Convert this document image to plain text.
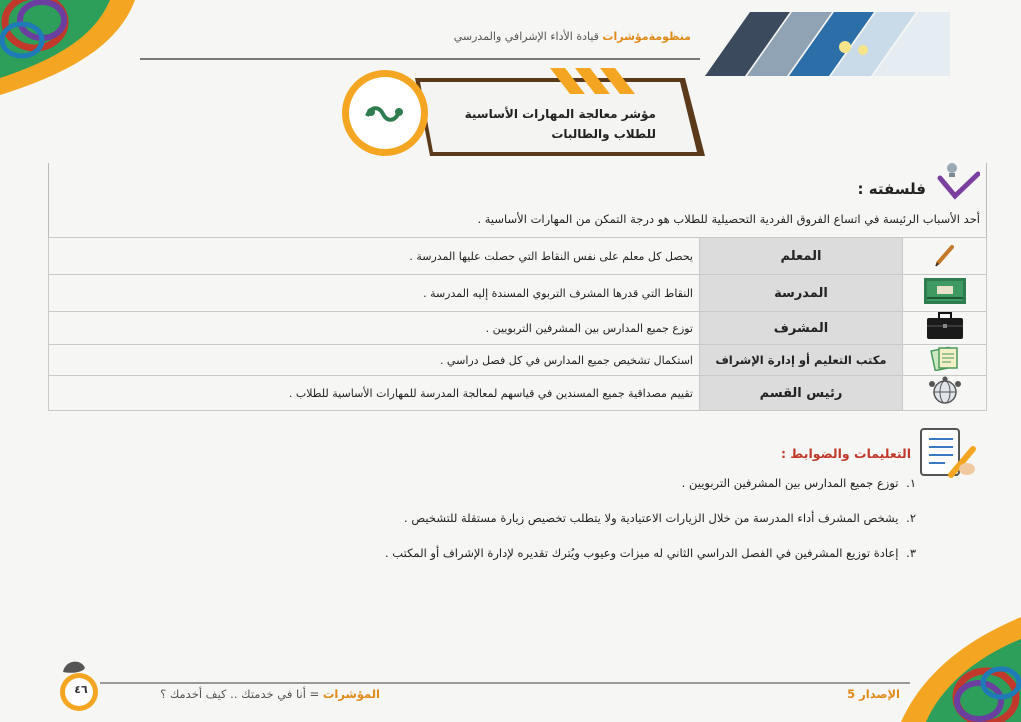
منظومةمؤشرات قيادة الأداء الإشرافي والمدرسي
مؤشر معالجة المهارات الأساسية للطلاب والطالبات
فلسفته :
أحد الأسباب الرئيسة في اتساع الفروق الفردية التحصيلية للطلاب هو درجة التمكن من المهارات الأساسية .
	المعلم	يحصل كل معلم على نفس النقاط التي حصلت عليها المدرسة .
	المدرسة	النقاط التي قدرها المشرف التربوي المسندة إليه المدرسة .
	المشرف	توزع جميع المدارس بين المشرفين التربويين .
	مكتب التعليم أو إدارة الإشراف	استكمال تشخيص جميع المدارس في كل فصل دراسي .
	رئيس القسم	تقييم مصداقية جميع المسندين في قياسهم لمعالجة المدرسة للمهارات الأساسية للطلاب .
التعليمات والضوابط :
١. توزع جميع المدارس بين المشرفين التربويين .
٢. يشخص المشرف أداء المدرسة من خلال الزيارات الاعتيادية ولا يتطلب تخصيص زيارة مستقلة للتشخيص .
٣. إعادة توزيع المشرفين في الفصل الدراسي الثاني له ميزات وعيوب ويُترك تقديره لإدارة الإشراف أو المكتب .
٤٦	المؤشرات = أنا في خدمتك .. كيف أخدمك ؟	الإصدار 5
